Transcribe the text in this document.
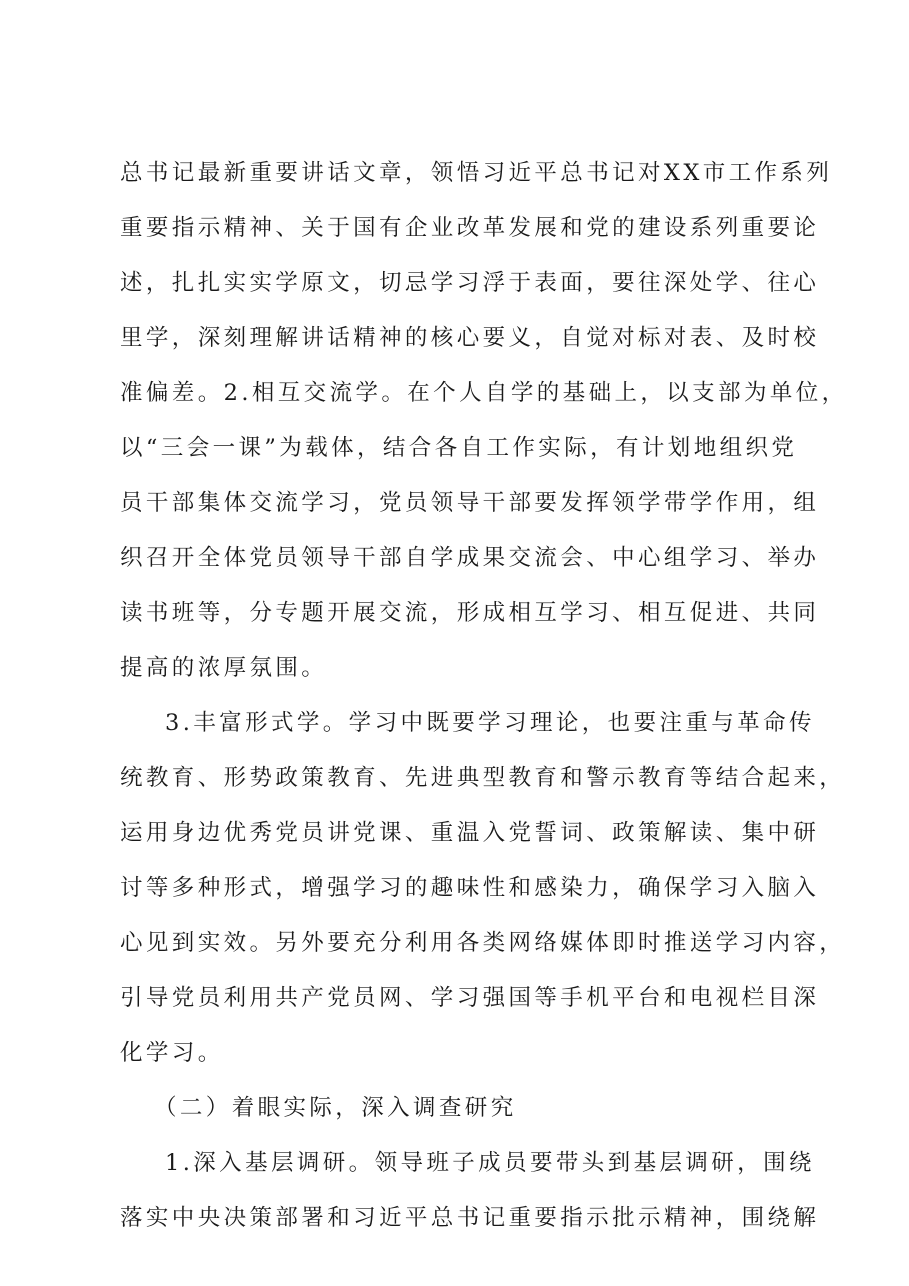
总书记最新重要讲话文章，领悟习近平总书记对XX市工作系列
重要指示精神、关于国有企业改革发展和党的建设系列重要论
述，扎扎实实学原文，切忌学习浮于表面，要往深处学、往心
里学，深刻理解讲话精神的核心要义，自觉对标对表、及时校
准偏差。2.相互交流学。在个人自学的基础上，以支部为单位，
以“三会一课”为载体，结合各自工作实际，有计划地组织党
员干部集体交流学习，党员领导干部要发挥领学带学作用，组
织召开全体党员领导干部自学成果交流会、中心组学习、举办
读书班等，分专题开展交流，形成相互学习、相互促进、共同
提高的浓厚氛围。
3.丰富形式学。学习中既要学习理论，也要注重与革命传
统教育、形势政策教育、先进典型教育和警示教育等结合起来，
运用身边优秀党员讲党课、重温入党誓词、政策解读、集中研
讨等多种形式，增强学习的趣味性和感染力，确保学习入脑入
心见到实效。另外要充分利用各类网络媒体即时推送学习内容，
引导党员利用共产党员网、学习强国等手机平台和电视栏目深
化学习。
（二）着眼实际，深入调查研究
1.深入基层调研。领导班子成员要带头到基层调研，围绕
落实中央决策部署和习近平总书记重要指示批示精神，围绕解
